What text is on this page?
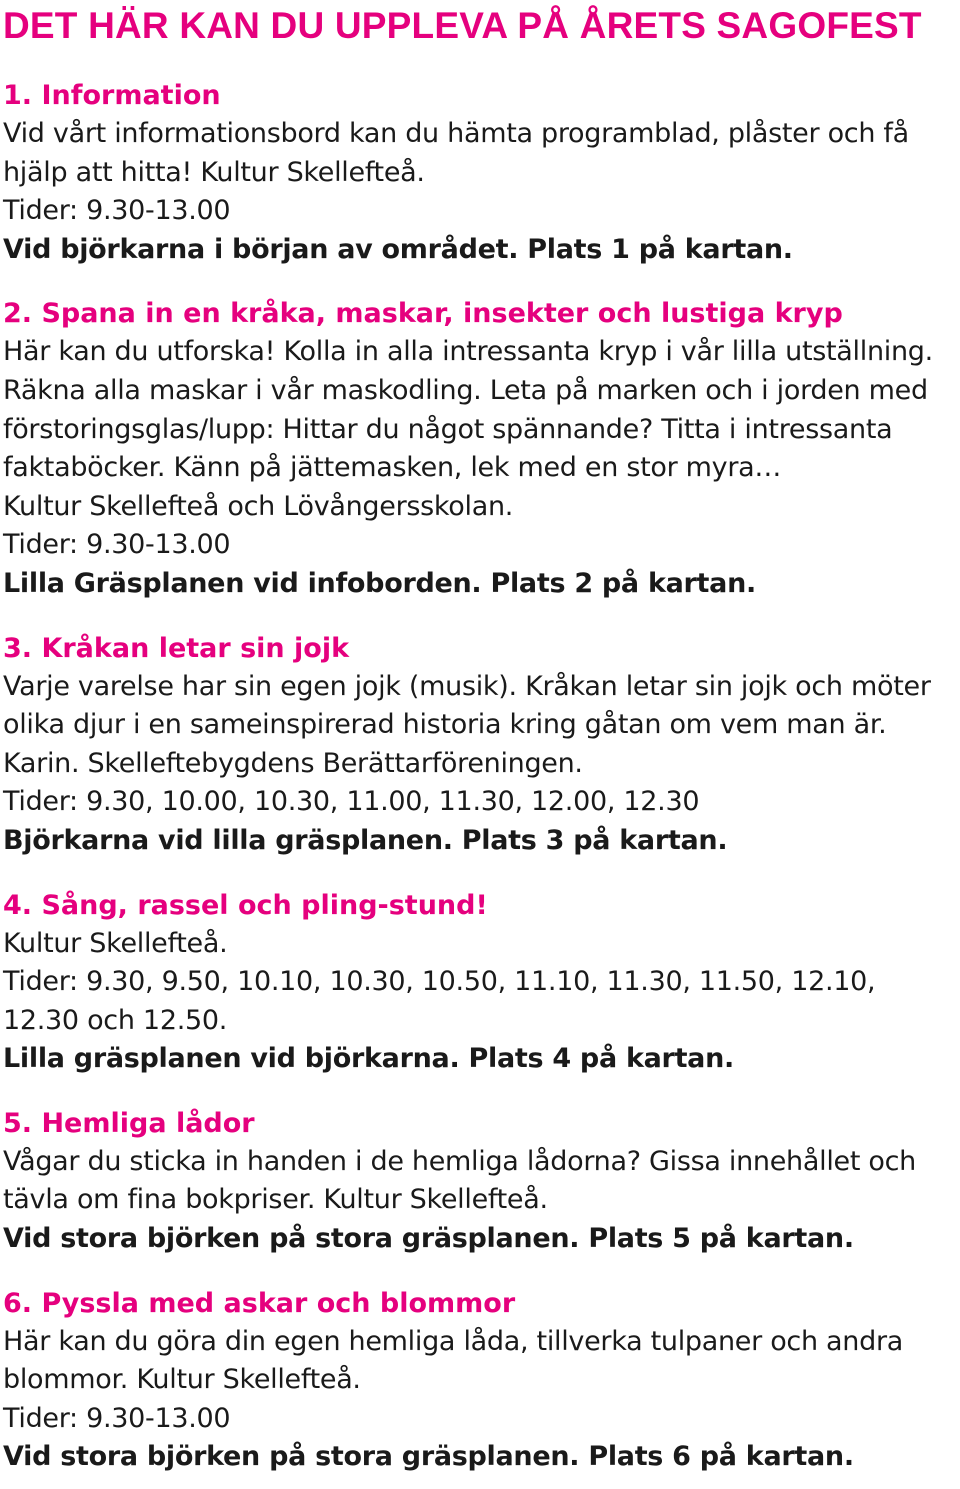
DET HÄR KAN DU UPPLEVA PÅ ÅRETS SAGOFEST
1. Information
Vid vårt informationsbord kan du hämta programblad, plåster och få
hjälp att hitta! Kultur Skellefteå.
Tider: 9.30-13.00
Vid björkarna i början av området. Plats 1 på kartan.
2. Spana in en kråka, maskar, insekter och lustiga kryp
Här kan du utforska! Kolla in alla intressanta kryp i vår lilla utställning.
Räkna alla maskar i vår maskodling. Leta på marken och i jorden med
förstoringsglas/lupp: Hittar du något spännande? Titta i intressanta
faktaböcker. Känn på jättemasken, lek med en stor myra…
Kultur Skellefteå och Lövångersskolan.
Tider: 9.30-13.00
Lilla Gräsplanen vid infoborden. Plats 2 på kartan.
3. Kråkan letar sin jojk
Varje varelse har sin egen jojk (musik). Kråkan letar sin jojk och möter
olika djur i en sameinspirerad historia kring gåtan om vem man är.
Karin. Skelleftebygdens Berättarföreningen.
Tider: 9.30, 10.00, 10.30, 11.00, 11.30, 12.00, 12.30
Björkarna vid lilla gräsplanen. Plats 3 på kartan.
4. Sång, rassel och pling-stund!
Kultur Skellefteå.
Tider: 9.30, 9.50, 10.10, 10.30, 10.50, 11.10, 11.30, 11.50, 12.10,
12.30 och 12.50.
Lilla gräsplanen vid björkarna. Plats 4 på kartan.
5. Hemliga lådor
Vågar du sticka in handen i de hemliga lådorna? Gissa innehållet och
tävla om fina bokpriser. Kultur Skellefteå.
Vid stora björken på stora gräsplanen. Plats 5 på kartan.
6. Pyssla med askar och blommor
Här kan du göra din egen hemliga låda, tillverka tulpaner och andra
blommor. Kultur Skellefteå.
Tider: 9.30-13.00
Vid stora björken på stora gräsplanen. Plats 6 på kartan.
